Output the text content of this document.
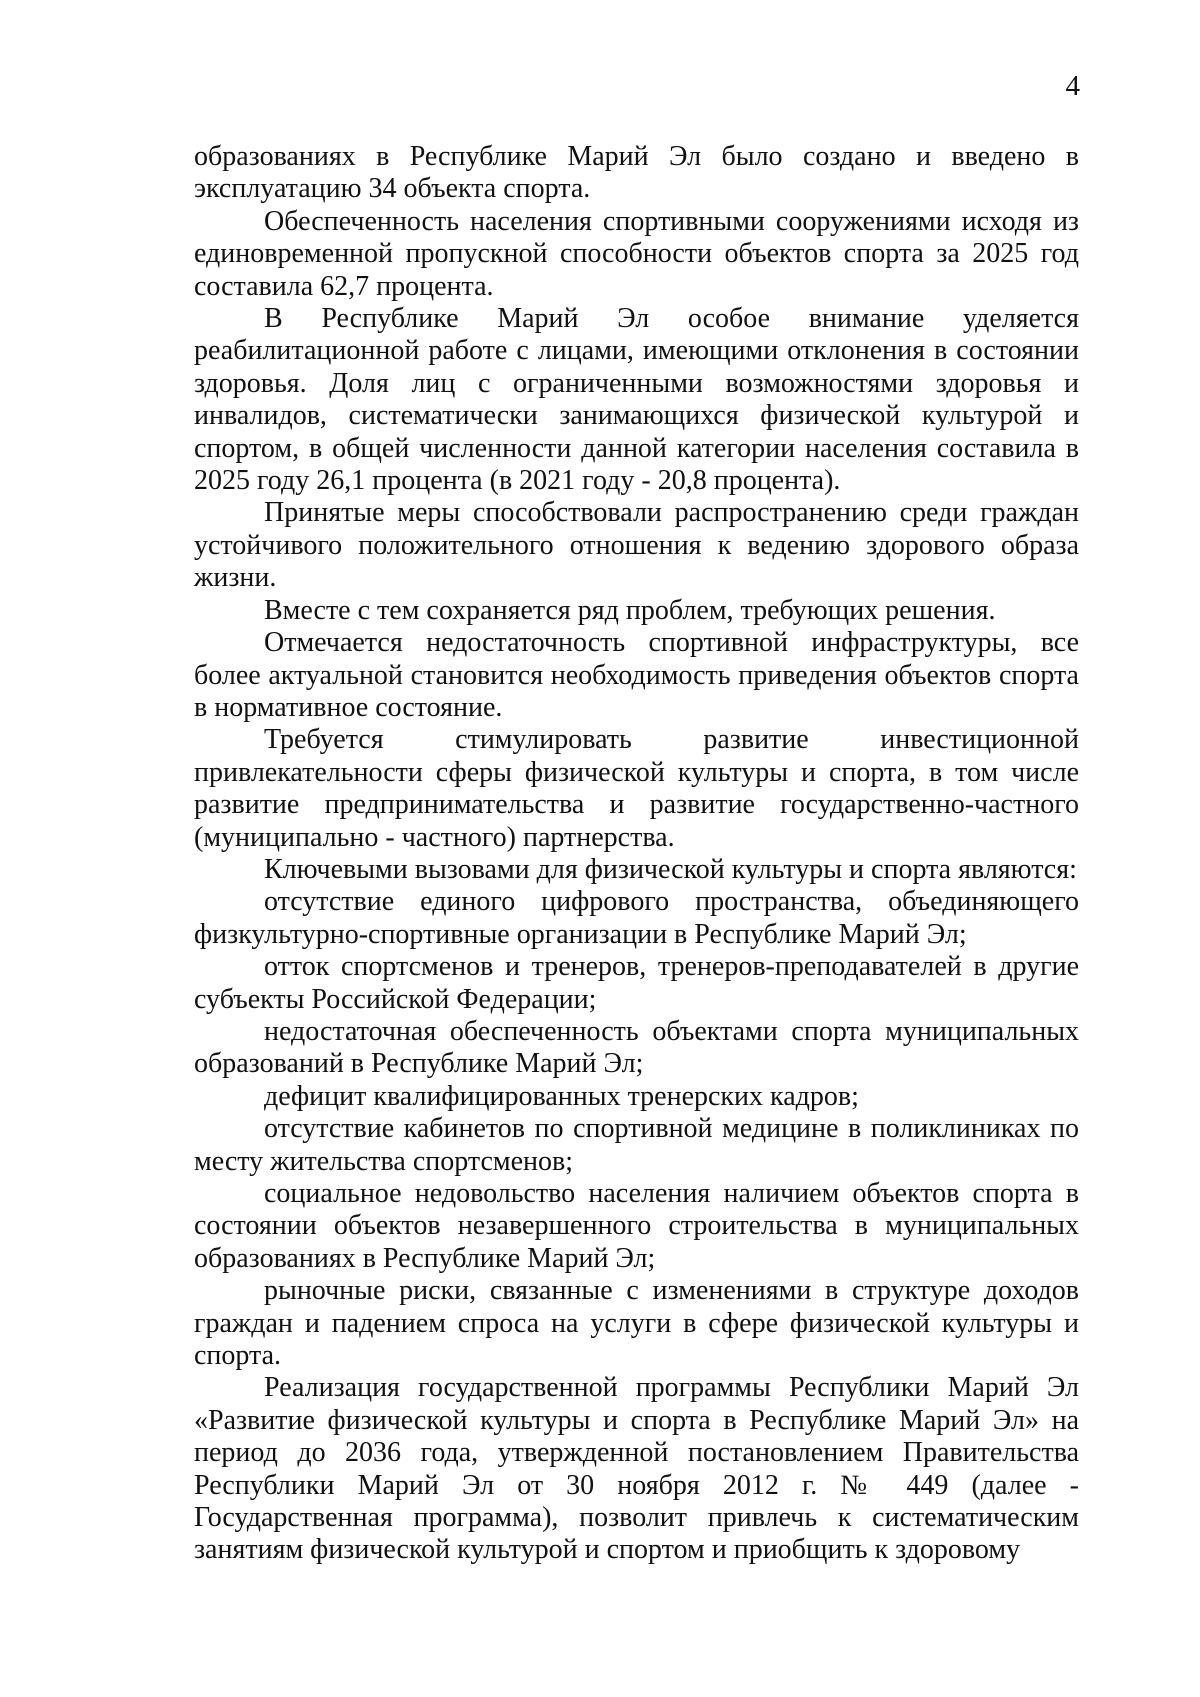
4

образованиях в Республике Марий Эл было создано и введено в эксплуатацию 34 объекта спорта.

Обеспеченность населения спортивными сооружениями исходя из единовременной пропускной способности объектов спорта за 2025 год составила 62,7 процента.

В Республике Марий Эл особое внимание уделяется реабилитационной работе с лицами, имеющими отклонения в состоянии здоровья. Доля лиц с ограниченными возможностями здоровья и инвалидов, систематически занимающихся физической культурой и спортом, в общей численности данной категории населения составила в 2025 году 26,1 процента (в 2021 году - 20,8 процента).

Принятые меры способствовали распространению среди граждан устойчивого положительного отношения к ведению здорового образа жизни.

Вместе с тем сохраняется ряд проблем, требующих решения.

Отмечается недостаточность спортивной инфраструктуры, все более актуальной становится необходимость приведения объектов спорта в нормативное состояние.

Требуется стимулировать развитие инвестиционной привлекательности сферы физической культуры и спорта, в том числе развитие предпринимательства и развитие государственно-частного (муниципально - частного) партнерства.

Ключевыми вызовами для физической культуры и спорта являются:

отсутствие единого цифрового пространства, объединяющего физкультурно-спортивные организации в Республике Марий Эл;

отток спортсменов и тренеров, тренеров-преподавателей в другие субъекты Российской Федерации;

недостаточная обеспеченность объектами спорта муниципальных образований в Республике Марий Эл;

дефицит квалифицированных тренерских кадров;

отсутствие кабинетов по спортивной медицине в поликлиниках по месту жительства спортсменов;

социальное недовольство населения наличием объектов спорта в состоянии объектов незавершенного строительства в муниципальных образованиях в Республике Марий Эл;

рыночные риски, связанные с изменениями в структуре доходов граждан и падением спроса на услуги в сфере физической культуры и спорта.

Реализация государственной программы Республики Марий Эл «Развитие физической культуры и спорта в Республике Марий Эл» на период до 2036 года, утвержденной постановлением Правительства Республики Марий Эл от 30 ноября 2012 г. № 449 (далее - Государственная программа), позволит привлечь к систематическим занятиям физической культурой и спортом и приобщить к здоровому
